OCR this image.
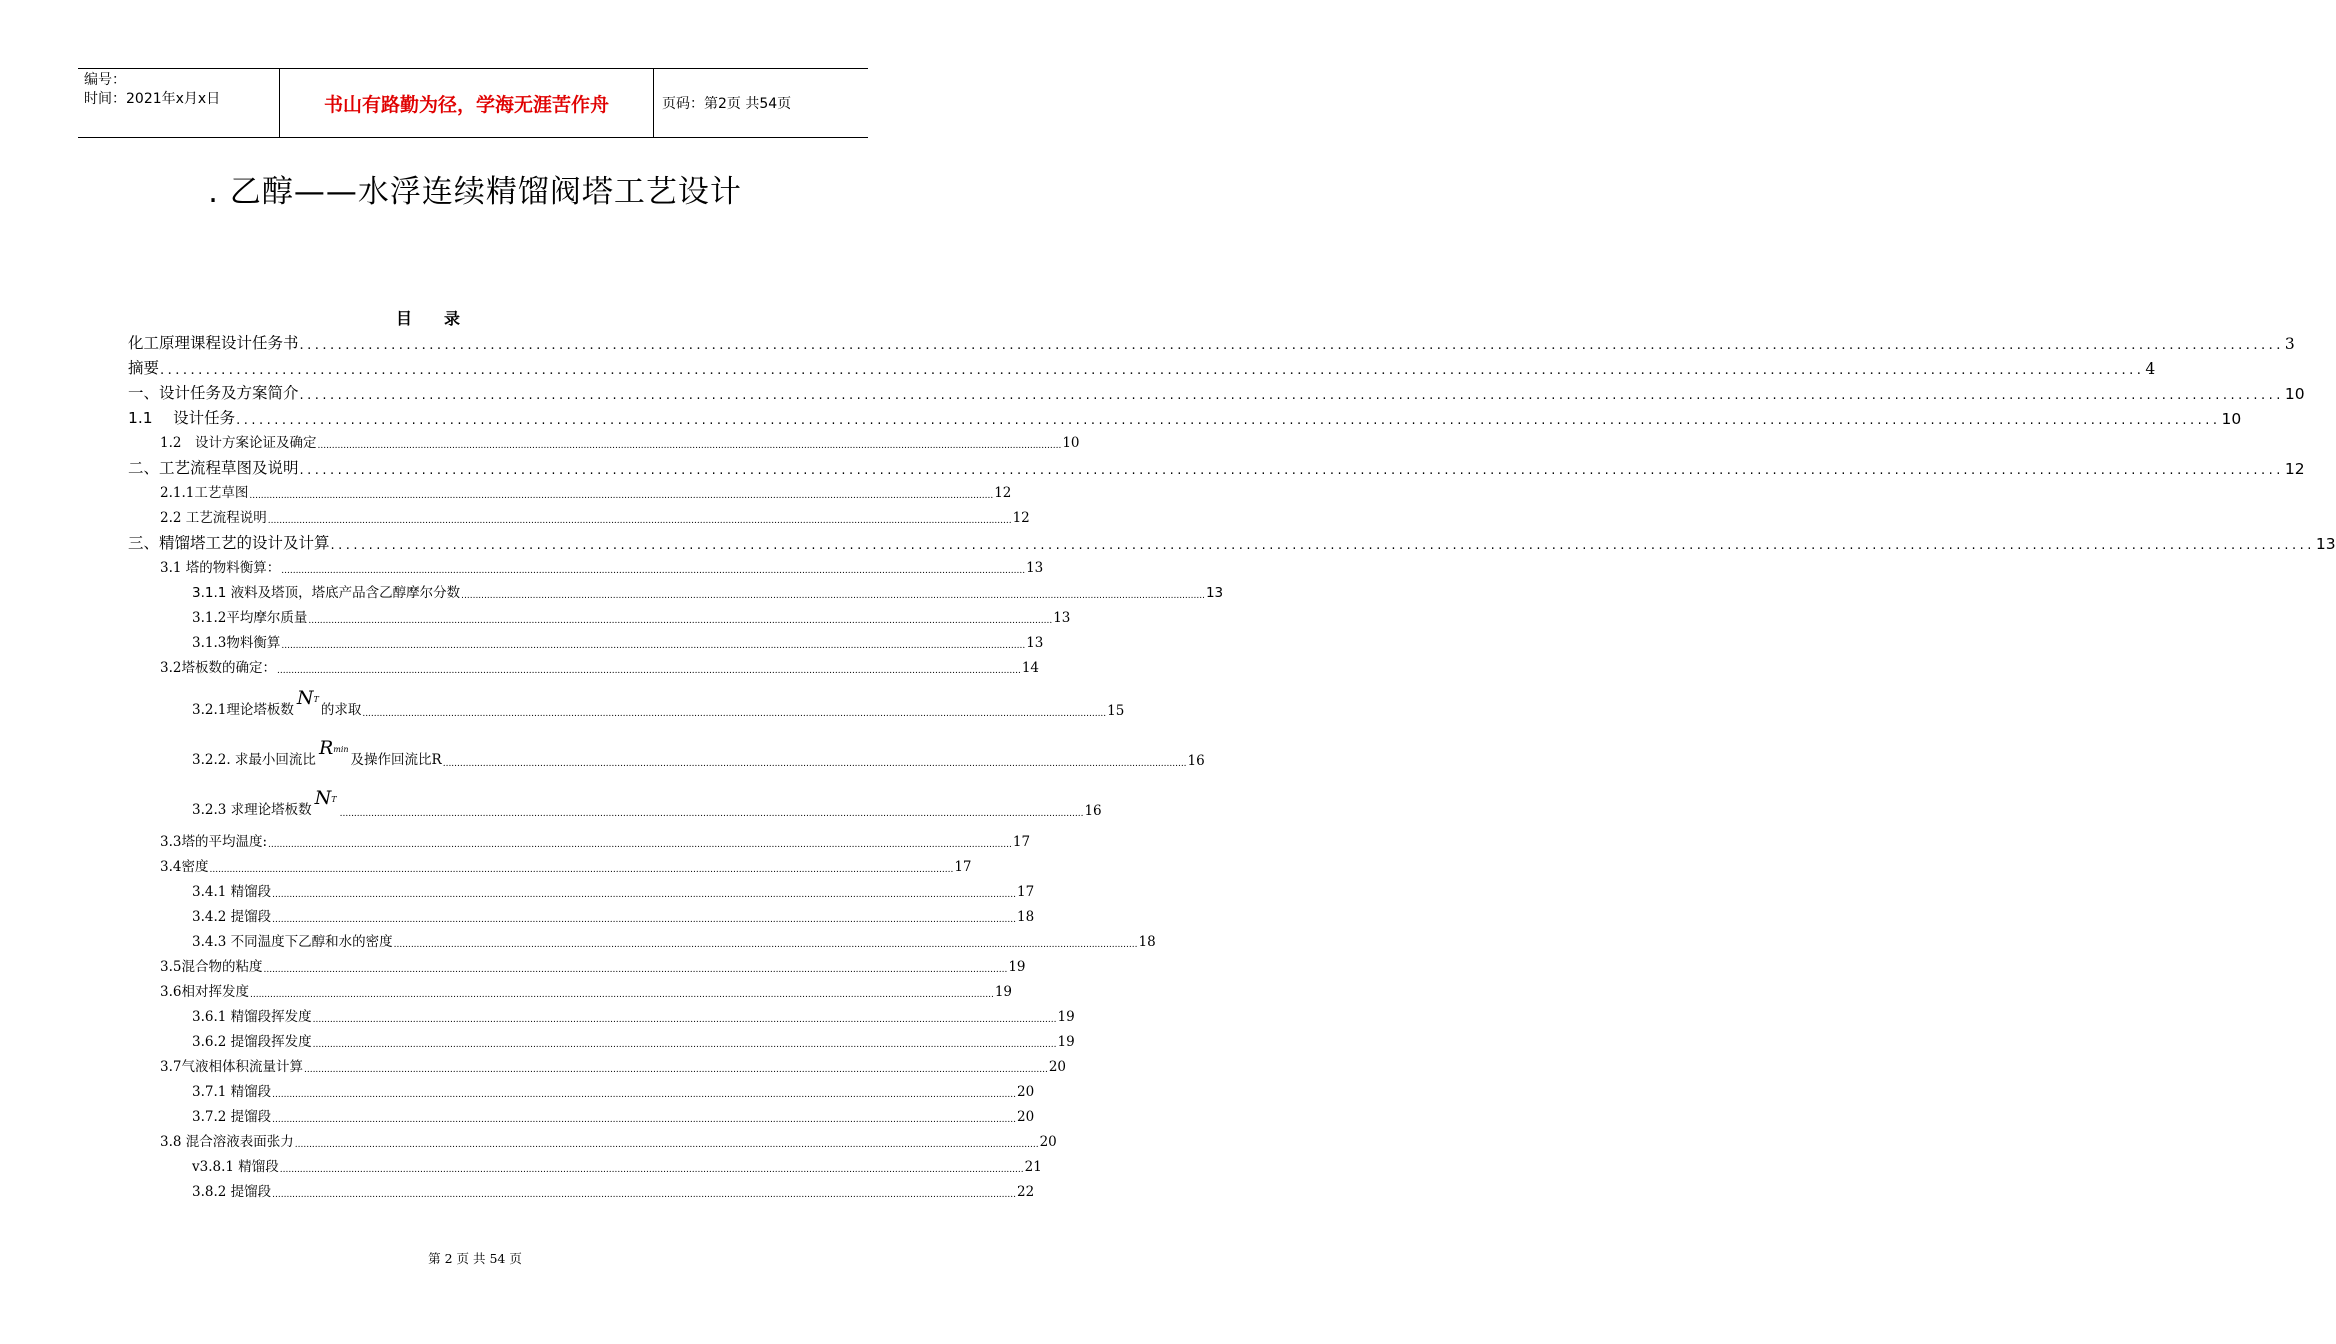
编号：
时间：2021年x月x日	书山有路勤为径，学海无涯苦作舟	页码：第2页 共54页
. 乙醇——水浮连续精馏阀塔工艺设计
目录
化工原理课程设计任务书 .................................................................................................................................................................................................................................................................... 3
摘要 .................................................................................................................................................................................................................................................................... 4
一、设计任务及方案简介 .................................................................................................................................................................................................................................................................... 10
1.1　 设计任务 .................................................................................................................................................................................................................................................................... 10
1.2　设计方案论证及确定 .................................................................................................................................................................................................................................................................... 10
二、工艺流程草图及说明 .................................................................................................................................................................................................................................................................... 12
2.1.1工艺草图 .................................................................................................................................................................................................................................................................... 12
2.2 工艺流程说明 .................................................................................................................................................................................................................................................................... 12
三、精馏塔工艺的设计及计算 .................................................................................................................................................................................................................................................................... 13
3.1 塔的物料衡算： .................................................................................................................................................................................................................................................................... 13
3.1.1 液料及塔顶，塔底产品含乙醇摩尔分数 .................................................................................................................................................................................................................................................................... 13
3.1.2平均摩尔质量 .................................................................................................................................................................................................................................................................... 13
3.1.3物料衡算 .................................................................................................................................................................................................................................................................... 13
3.2塔板数的确定： .................................................................................................................................................................................................................................................................... 14
3.2.1理论塔板数NT的求取 .................................................................................................................................................................................................................................................................... 15
3.2.2. 求最小回流比Rmin及操作回流比R .................................................................................................................................................................................................................................................................... 16
3.2.3 求理论塔板数NT
.................................................................................................................................................................................................................................................................... 16
3.3塔的平均温度: .................................................................................................................................................................................................................................................................... 17
3.4密度 .................................................................................................................................................................................................................................................................... 17
3.4.1 精馏段 .................................................................................................................................................................................................................................................................... 17
3.4.2 提馏段 .................................................................................................................................................................................................................................................................... 18
3.4.3 不同温度下乙醇和水的密度 .................................................................................................................................................................................................................................................................... 18
3.5混合物的粘度 .................................................................................................................................................................................................................................................................... 19
3.6相对挥发度 .................................................................................................................................................................................................................................................................... 19
3.6.1 精馏段挥发度 .................................................................................................................................................................................................................................................................... 19
3.6.2 提馏段挥发度 .................................................................................................................................................................................................................................................................... 19
3.7气液相体积流量计算 .................................................................................................................................................................................................................................................................... 20
3.7.1 精馏段 .................................................................................................................................................................................................................................................................... 20
3.7.2 提馏段 .................................................................................................................................................................................................................................................................... 20
3.8 混合溶液表面张力 .................................................................................................................................................................................................................................................................... 20
v3.8.1 精馏段 .................................................................................................................................................................................................................................................................... 21
3.8.2 提馏段 .................................................................................................................................................................................................................................................................... 22
第 2 页 共 54 页
